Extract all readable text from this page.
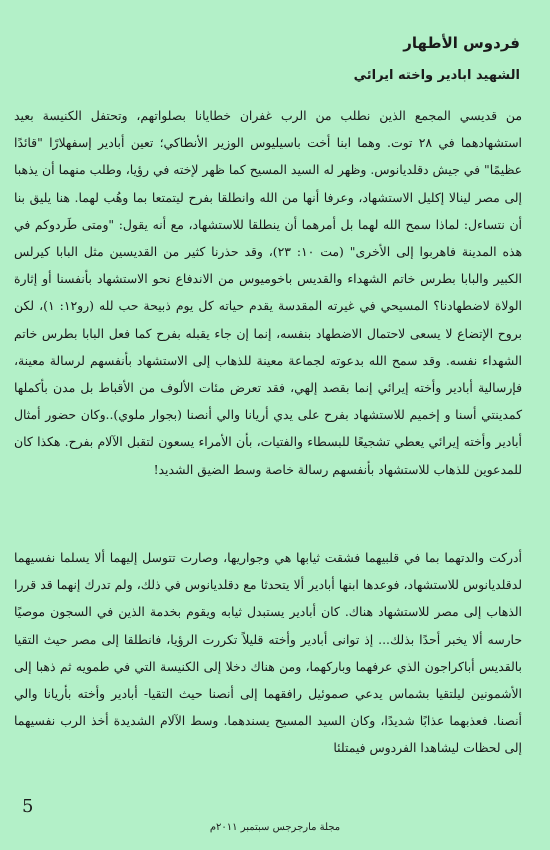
فردوس الأطهار
الشهيد ابادير واخته ايرائي

من قديسي المجمع الذين نطلب من الرب غفران خطايانا بصلواتهم، وتحتفل الكنيسة بعيد استشهادهما في ٢٨ توت. وهما ابنا أخت باسيليوس الوزير الأنطاكي؛ تعين أبادير إسفهلارًا "قائدًا عظيمًا" في جيش دقلديانوس. وظهر له السيد المسيح كما ظهر لإخته في رؤيا، وطلب منهما أن يذهبا إلى مصر لينالا إكليل الاستشهاد، وعرفا أنها من الله وانطلقا بفرح ليتمتعا بما وهُب لهما. هنا يليق بنا أن نتساءل: لماذا سمح الله لهما بل أمرهما أن ينطلقا للاستشهاد، مع أنه يقول: "ومتى طَردوكم في هذه المدينة فاهربوا إلى الأخرى" (مت ١٠: ٢٣)، وقد حذرنا كثير من القديسين مثل البابا كيرلس الكبير والبابا بطرس خاتم الشهداء والقديس باخوميوس من الاندفاع نحو الاستشهاد بأنفسنا أو إثارة الولاة لاضطهادنا؟ المسيحي في غيرته المقدسة يقدم حياته كل يوم ذبيحة حب لله (رو١٢: ١)، لكن بروح الإتضاع لا يسعى لاحتمال الاضطهاد بنفسه، إنما إن جاء يقبله بفرح كما فعل البابا بطرس خاتم الشهداء نفسه. وقد سمح الله بدعوته لجماعة معينة للذهاب إلى الاستشهاد بأنفسهم لرسالة معينة، فإرسالية أبادير وأخته إيرائي إنما بقصد إلهي، فقد تعرض مئات الألوف من الأقباط بل مدن بأكملها كمدينتي أسنا و إخميم للاستشهاد بفرح على يدي أريانا والي أنصنا (بجوار ملوي)..وكان حضور أمثال أبادير وأخته إيرائي يعطي تشجيعًا للبسطاء والفتيات، بأن الأمراء يسعون لتقبل الآلام بفرح. هكذا كان للمدعوين للذهاب للاستشهاد بأنفسهم رسالة خاصة وسط الضيق الشديد!

أدركت والدتهما بما في قلبيهما فشقت ثيابها هي وجواريها، وصارت تتوسل إليهما ألا يسلما نفسيهما لدقلديانوس للاستشهاد، فوعدها ابنها أبادير ألا يتحدثا مع دقلديانوس في ذلك، ولم تدرك إنهما قد قررا الذهاب إلى مصر للاستشهاد هناك. كان أبادير يستبدل ثيابه ويقوم بخدمة الذين في السجون موصيًا حارسه ألا يخبر أحدًا بذلك... إذ توانى أبادير وأخته قليلاً تكررت الرؤيا، فانطلقا إلى مصر حيث التقيا بالقديس أباكراجون الذي عرفهما وباركهما، ومن هناك دخلا إلى الكنيسة التي في طمويه ثم ذهبا إلى الأشمونين ليلتقيا بشماس يدعي صموئيل رافقهما إلى أنصنا حيث التقيا- أبادير وأخته بأريانا والي أنصنا. فعذبهما عذابًا شديدًا، وكان السيد المسيح يسندهما. وسط الآلام الشديدة أخذ الرب نفسيهما إلى لحظات ليشاهدا الفردوس فيمتلئا

5
مجلة مارجرجس سبتمبر ٢٠١١م
